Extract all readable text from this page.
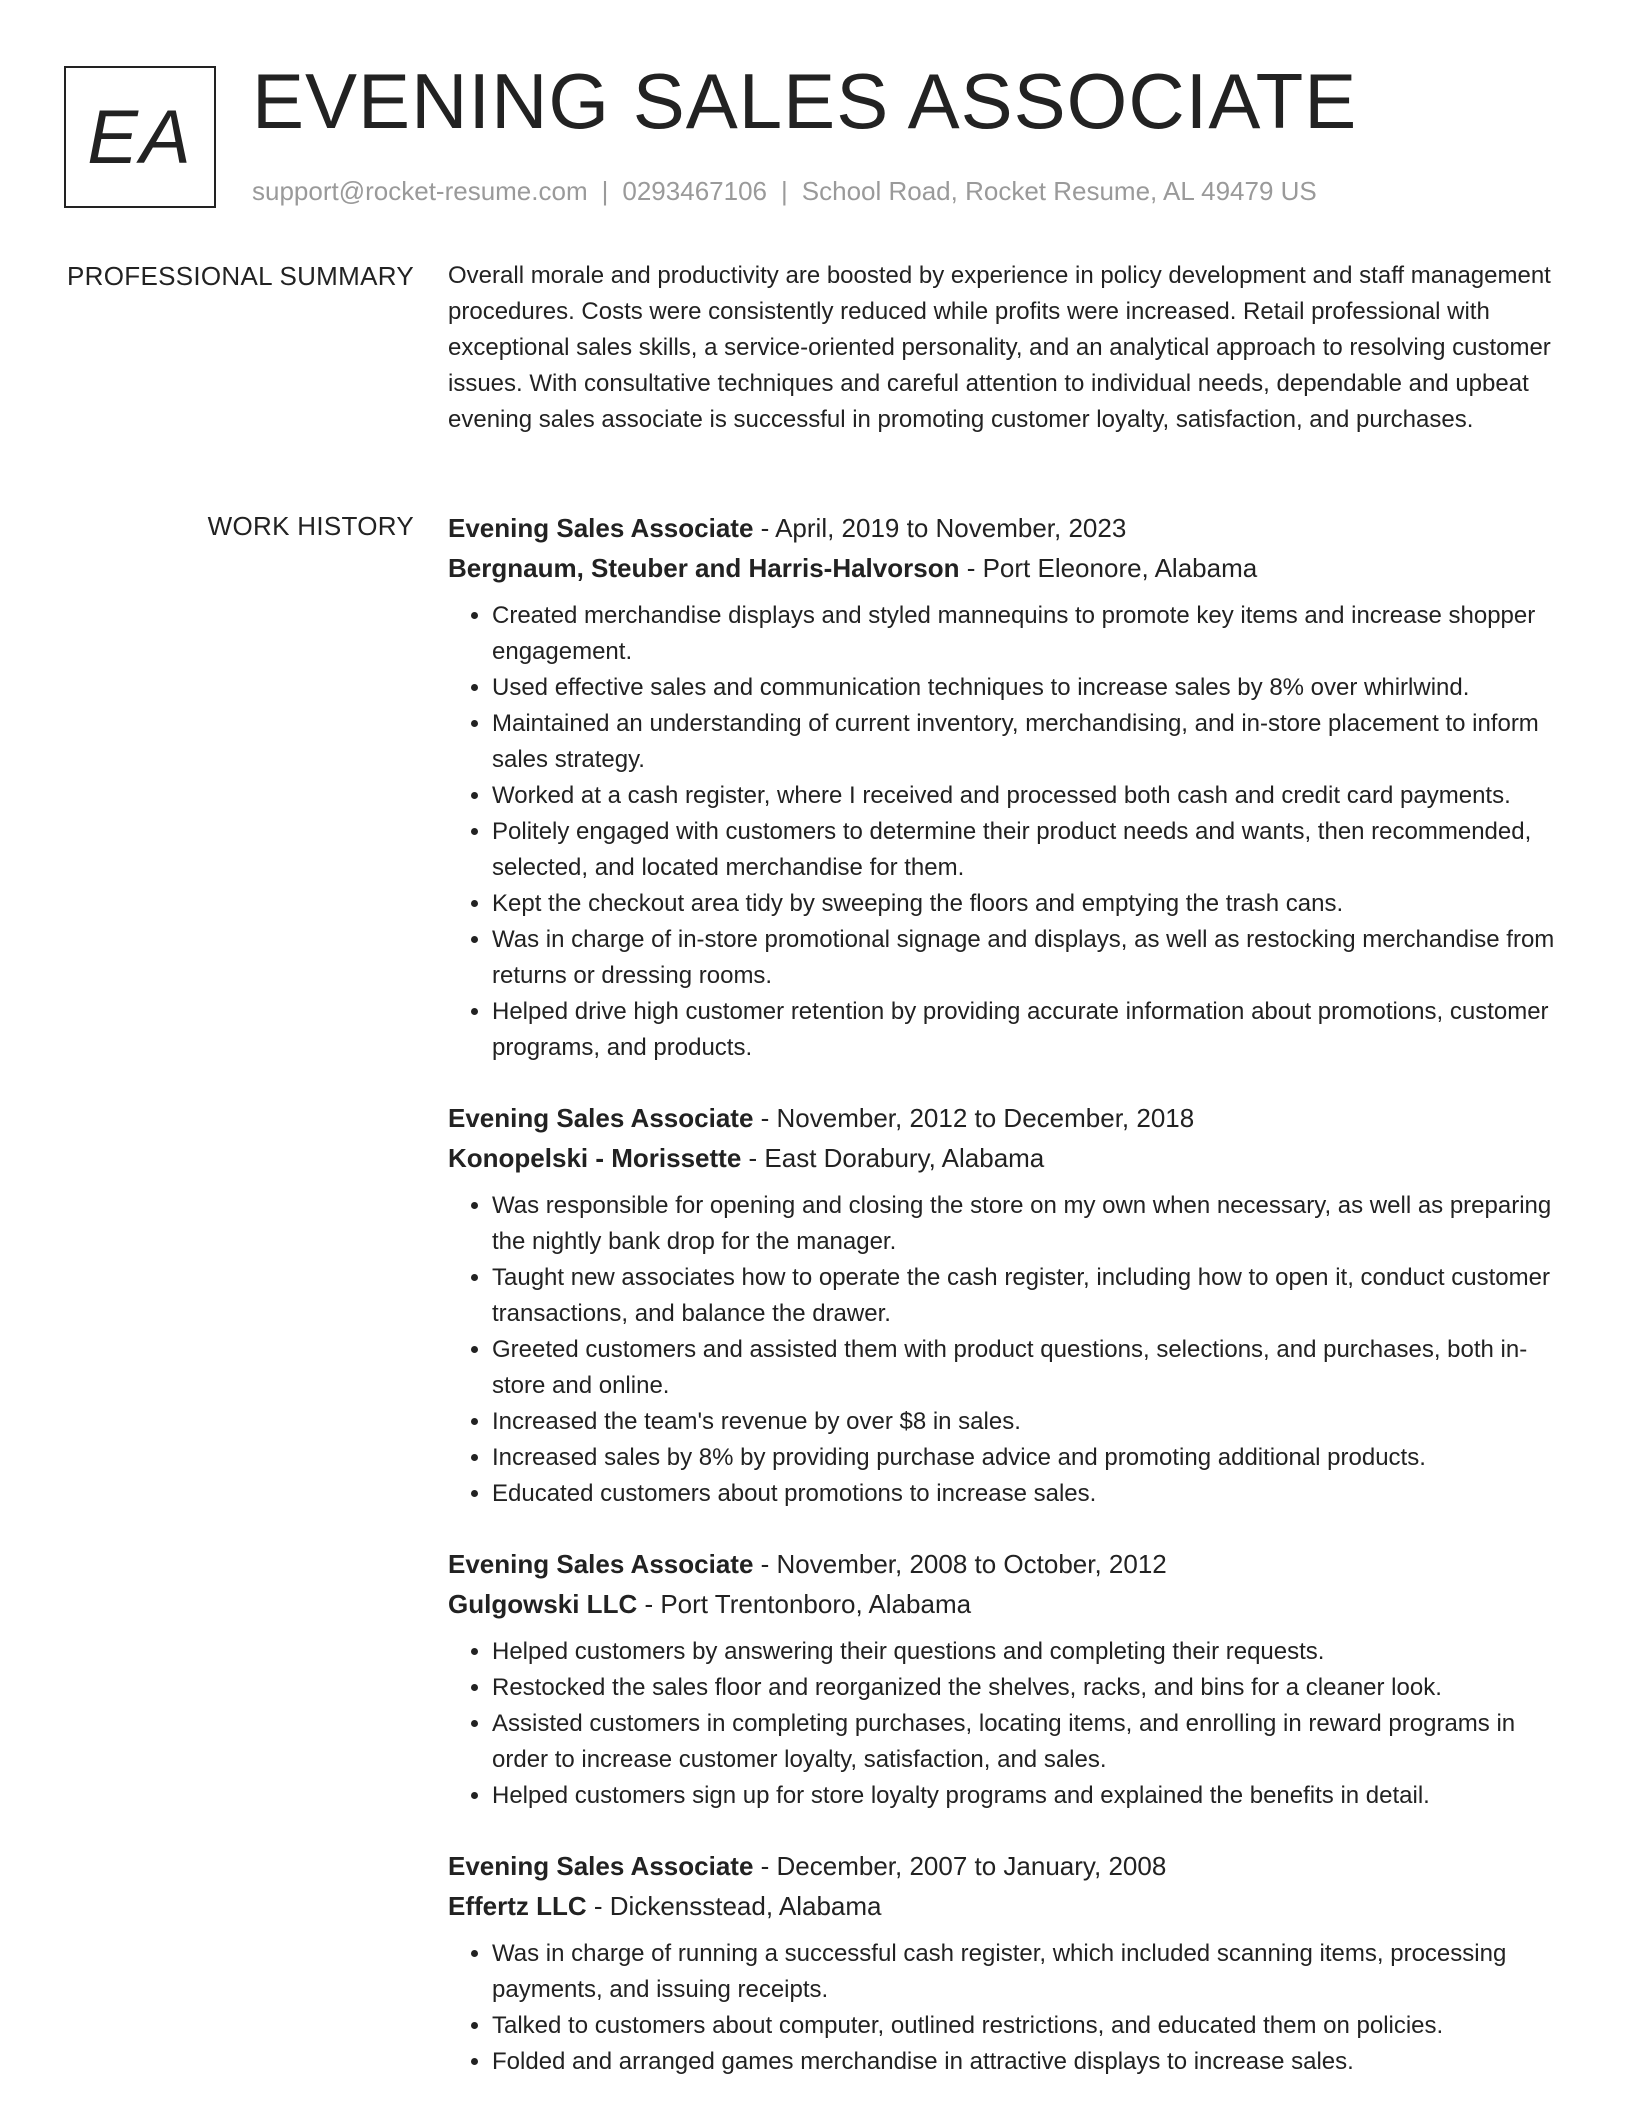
EA EVENING SALES ASSOCIATE
support@rocket-resume.com | 0293467106 | School Road, Rocket Resume, AL 49479 US
PROFESSIONAL SUMMARY Overall morale and productivity are boosted by experience in policy development and staff management procedures. Costs were consistently reduced while profits were increased. Retail professional with exceptional sales skills, a service-oriented personality, and an analytical approach to resolving customer issues. With consultative techniques and careful attention to individual needs, dependable and upbeat evening sales associate is successful in promoting customer loyalty, satisfaction, and purchases.

WORK HISTORY Evening Sales Associate - April, 2019 to November, 2023
Bergnaum, Steuber and Harris-Halvorson - Port Eleonore, Alabama
• Created merchandise displays and styled mannequins to promote key items and increase shopper engagement.
• Used effective sales and communication techniques to increase sales by 8% over whirlwind.
• Maintained an understanding of current inventory, merchandising, and in-store placement to inform sales strategy.
• Worked at a cash register, where I received and processed both cash and credit card payments.
• Politely engaged with customers to determine their product needs and wants, then recommended, selected, and located merchandise for them.
• Kept the checkout area tidy by sweeping the floors and emptying the trash cans.
• Was in charge of in-store promotional signage and displays, as well as restocking merchandise from returns or dressing rooms.
• Helped drive high customer retention by providing accurate information about promotions, customer programs, and products.
Evening Sales Associate - November, 2012 to December, 2018
Konopelski - Morissette - East Dorabury, Alabama
• Was responsible for opening and closing the store on my own when necessary, as well as preparing the nightly bank drop for the manager.
• Taught new associates how to operate the cash register, including how to open it, conduct customer transactions, and balance the drawer.
• Greeted customers and assisted them with product questions, selections, and purchases, both in-store and online.
• Increased the team's revenue by over $8 in sales.
• Increased sales by 8% by providing purchase advice and promoting additional products.
• Educated customers about promotions to increase sales.
Evening Sales Associate - November, 2008 to October, 2012
Gulgowski LLC - Port Trentonboro, Alabama
• Helped customers by answering their questions and completing their requests.
• Restocked the sales floor and reorganized the shelves, racks, and bins for a cleaner look.
• Assisted customers in completing purchases, locating items, and enrolling in reward programs in order to increase customer loyalty, satisfaction, and sales.
• Helped customers sign up for store loyalty programs and explained the benefits in detail.
Evening Sales Associate - December, 2007 to January, 2008
Effertz LLC - Dickensstead, Alabama
• Was in charge of running a successful cash register, which included scanning items, processing payments, and issuing receipts.
• Talked to customers about computer, outlined restrictions, and educated them on policies.
• Folded and arranged games merchandise in attractive displays to increase sales.
